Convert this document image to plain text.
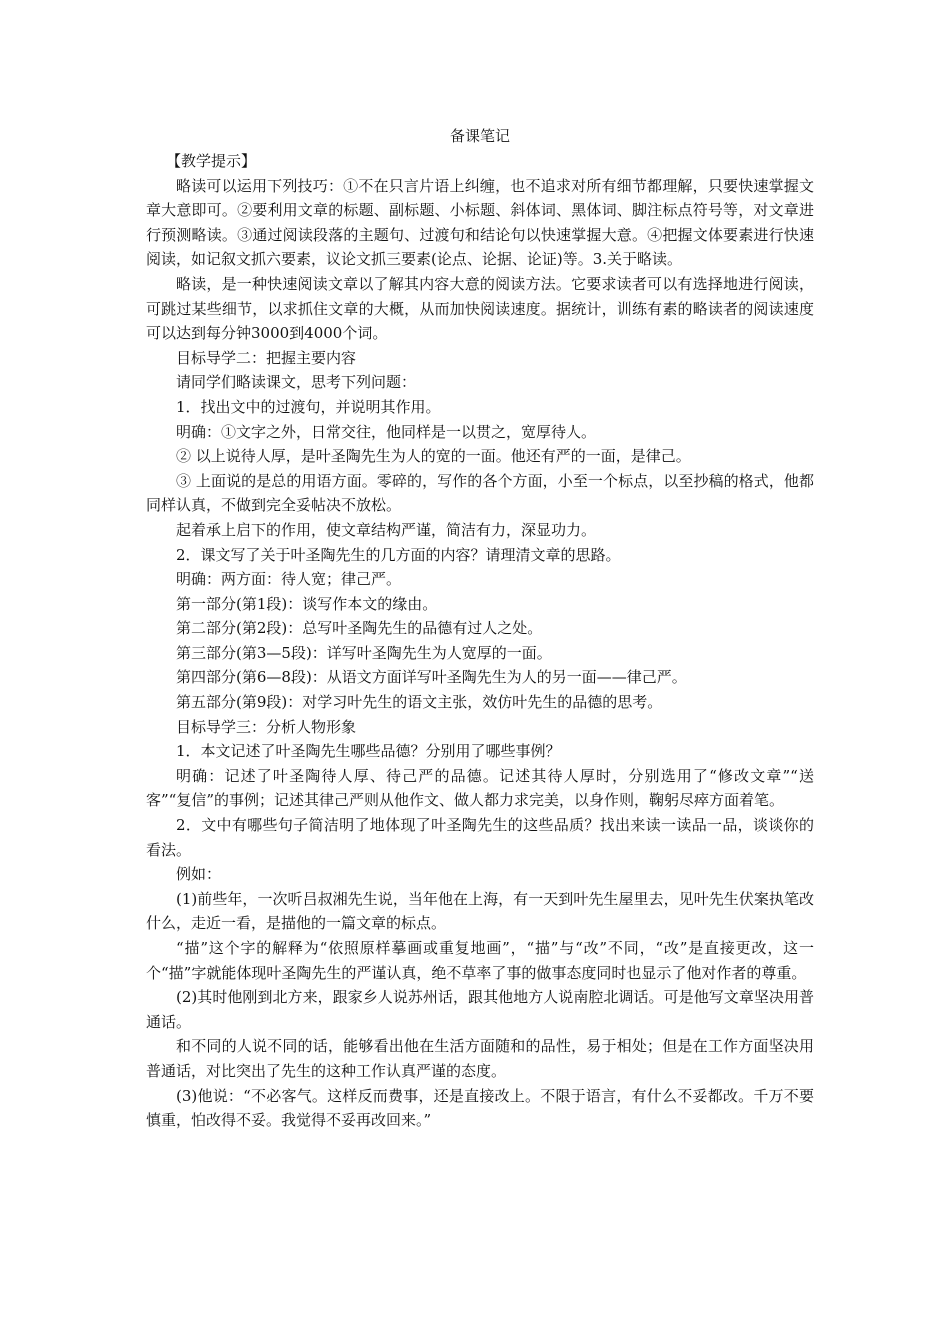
备课笔记

【教学提示】

略读可以运用下列技巧：①不在只言片语上纠缠，也不追求对所有细节都理解，只要快速掌握文章大意即可。②要利用文章的标题、副标题、小标题、斜体词、黑体词、脚注标点符号等，对文章进行预测略读。③通过阅读段落的主题句、过渡句和结论句以快速掌握大意。④把握文体要素进行快速阅读，如记叙文抓六要素，议论文抓三要素(论点、论据、论证)等。3.关于略读。

略读，是一种快速阅读文章以了解其内容大意的阅读方法。它要求读者可以有选择地进行阅读，可跳过某些细节，以求抓住文章的大概，从而加快阅读速度。据统计，训练有素的略读者的阅读速度可以达到每分钟3000到4000个词。

目标导学二：把握主要内容

请同学们略读课文，思考下列问题：

1．找出文中的过渡句，并说明其作用。

明确：①文字之外，日常交往，他同样是一以贯之，宽厚待人。

② 以上说待人厚，是叶圣陶先生为人的宽的一面。他还有严的一面，是律己。

③ 上面说的是总的用语方面。零碎的，写作的各个方面，小至一个标点，以至抄稿的格式，他都同样认真，不做到完全妥帖决不放松。

起着承上启下的作用，使文章结构严谨，简洁有力，深显功力。

2．课文写了关于叶圣陶先生的几方面的内容？请理清文章的思路。

明确：两方面：待人宽；律己严。

第一部分(第1段)：谈写作本文的缘由。

第二部分(第2段)：总写叶圣陶先生的品德有过人之处。

第三部分(第3—5段)：详写叶圣陶先生为人宽厚的一面。

第四部分(第6—8段)：从语文方面详写叶圣陶先生为人的另一面——律己严。

第五部分(第9段)：对学习叶先生的语文主张，效仿叶先生的品德的思考。

目标导学三：分析人物形象

1．本文记述了叶圣陶先生哪些品德？分别用了哪些事例？

明确：记述了叶圣陶待人厚、待己严的品德。记述其待人厚时，分别选用了“修改文章”“送客”“复信”的事例；记述其律己严则从他作文、做人都力求完美，以身作则，鞠躬尽瘁方面着笔。

2．文中有哪些句子简洁明了地体现了叶圣陶先生的这些品质？找出来读一读品一品，谈谈你的看法。

例如：

(1)前些年，一次听吕叔湘先生说，当年他在上海，有一天到叶先生屋里去，见叶先生伏案执笔改什么，走近一看，是描他的一篇文章的标点。

“描”这个字的解释为“依照原样摹画或重复地画”，“描”与“改”不同，“改”是直接更改，这一个“描”字就能体现叶圣陶先生的严谨认真，绝不草率了事的做事态度同时也显示了他对作者的尊重。

(2)其时他刚到北方来，跟家乡人说苏州话，跟其他地方人说南腔北调话。可是他写文章坚决用普通话。

和不同的人说不同的话，能够看出他在生活方面随和的品性，易于相处；但是在工作方面坚决用普通话，对比突出了先生的这种工作认真严谨的态度。

(3)他说：“不必客气。这样反而费事，还是直接改上。不限于语言，有什么不妥都改。千万不要慎重，怕改得不妥。我觉得不妥再改回来。”
